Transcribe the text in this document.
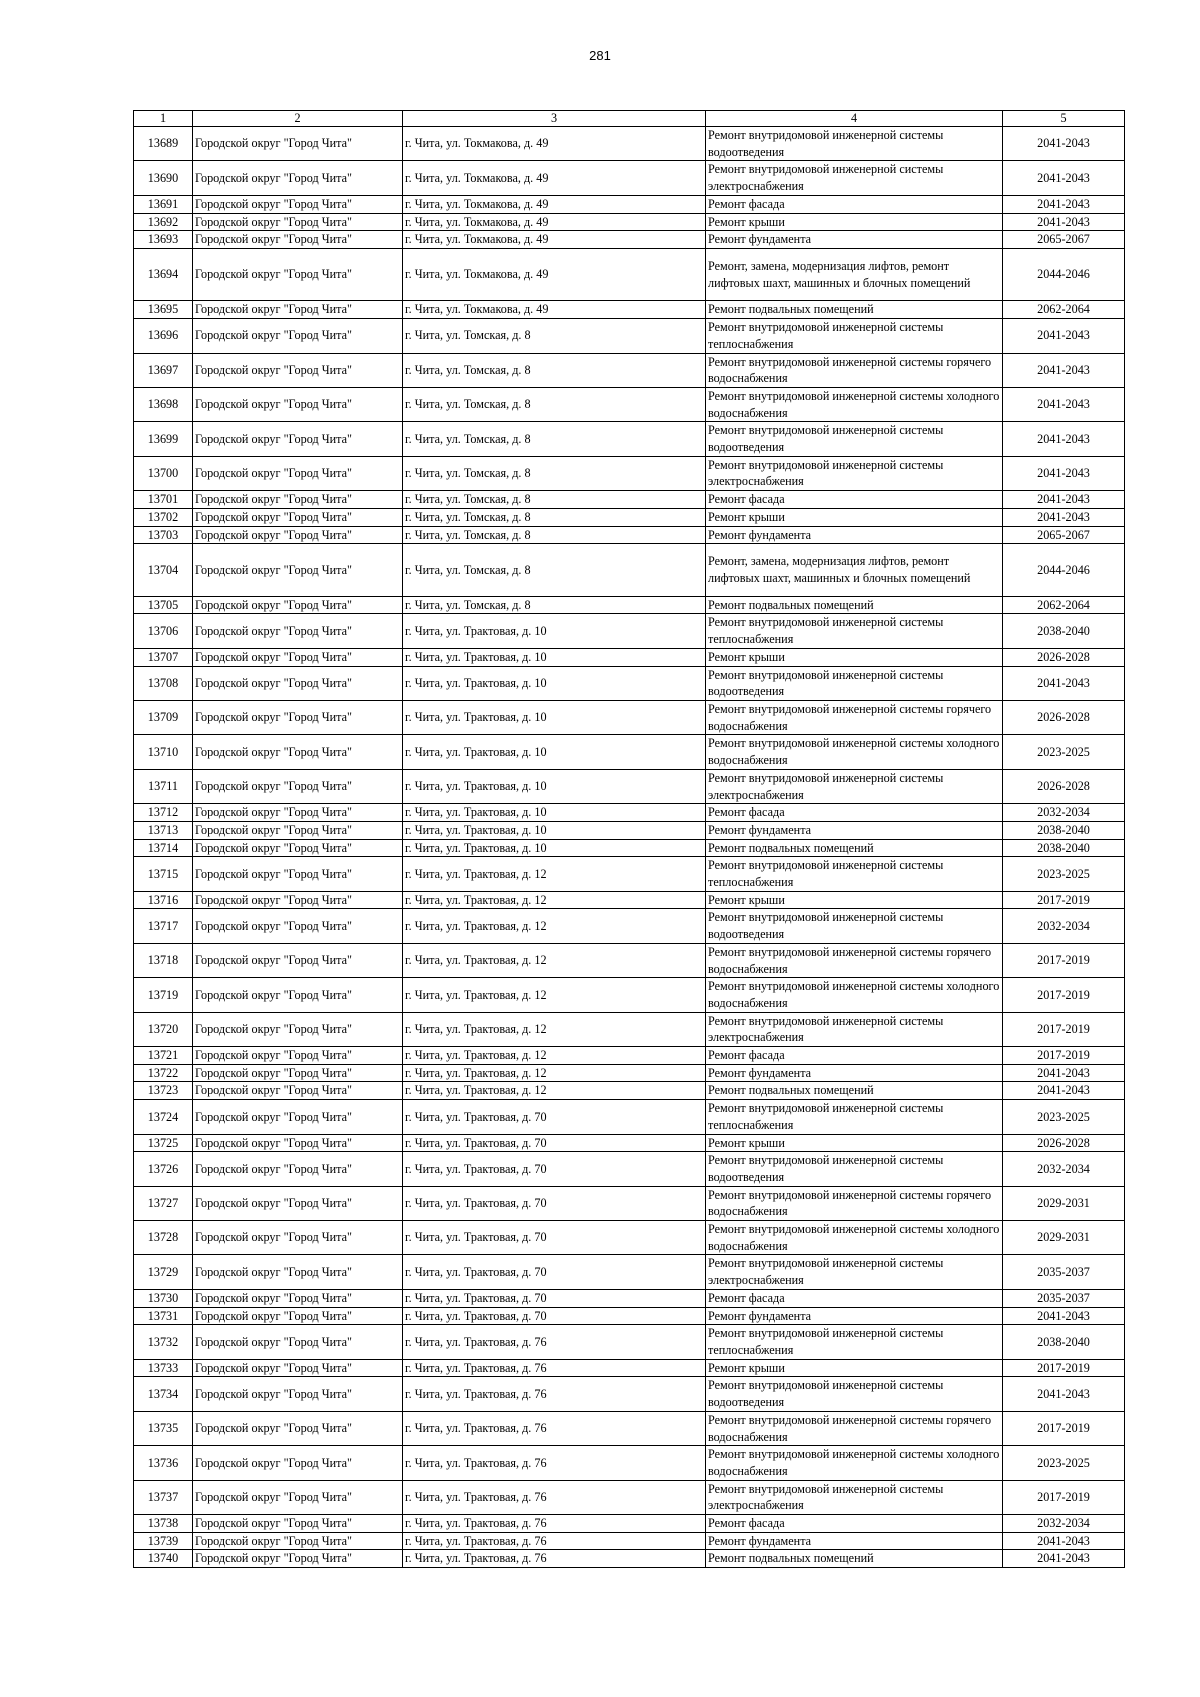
281
1	2	3	4	5
13689	Городской округ "Город Чита"	г. Чита, ул. Токмакова, д. 49	Ремонт внутридомовой инженерной системы водоотведения	2041-2043
13690	Городской округ "Город Чита"	г. Чита, ул. Токмакова, д. 49	Ремонт внутридомовой инженерной системы электроснабжения	2041-2043
13691	Городской округ "Город Чита"	г. Чита, ул. Токмакова, д. 49	Ремонт фасада	2041-2043
13692	Городской округ "Город Чита"	г. Чита, ул. Токмакова, д. 49	Ремонт крыши	2041-2043
13693	Городской округ "Город Чита"	г. Чита, ул. Токмакова, д. 49	Ремонт фундамента	2065-2067
13694	Городской округ "Город Чита"	г. Чита, ул. Токмакова, д. 49	Ремонт, замена, модернизация лифтов, ремонт лифтовых шахт, машинных и блочных помещений	2044-2046
13695	Городской округ "Город Чита"	г. Чита, ул. Токмакова, д. 49	Ремонт подвальных помещений	2062-2064
13696	Городской округ "Город Чита"	г. Чита, ул. Томская, д. 8	Ремонт внутридомовой инженерной системы теплоснабжения	2041-2043
13697	Городской округ "Город Чита"	г. Чита, ул. Томская, д. 8	Ремонт внутридомовой инженерной системы горячего водоснабжения	2041-2043
13698	Городской округ "Город Чита"	г. Чита, ул. Томская, д. 8	Ремонт внутридомовой инженерной системы холодного водоснабжения	2041-2043
13699	Городской округ "Город Чита"	г. Чита, ул. Томская, д. 8	Ремонт внутридомовой инженерной системы водоотведения	2041-2043
13700	Городской округ "Город Чита"	г. Чита, ул. Томская, д. 8	Ремонт внутридомовой инженерной системы электроснабжения	2041-2043
13701	Городской округ "Город Чита"	г. Чита, ул. Томская, д. 8	Ремонт фасада	2041-2043
13702	Городской округ "Город Чита"	г. Чита, ул. Томская, д. 8	Ремонт крыши	2041-2043
13703	Городской округ "Город Чита"	г. Чита, ул. Томская, д. 8	Ремонт фундамента	2065-2067
13704	Городской округ "Город Чита"	г. Чита, ул. Томская, д. 8	Ремонт, замена, модернизация лифтов, ремонт лифтовых шахт, машинных и блочных помещений	2044-2046
13705	Городской округ "Город Чита"	г. Чита, ул. Томская, д. 8	Ремонт подвальных помещений	2062-2064
13706	Городской округ "Город Чита"	г. Чита, ул. Трактовая, д. 10	Ремонт внутридомовой инженерной системы теплоснабжения	2038-2040
13707	Городской округ "Город Чита"	г. Чита, ул. Трактовая, д. 10	Ремонт крыши	2026-2028
13708	Городской округ "Город Чита"	г. Чита, ул. Трактовая, д. 10	Ремонт внутридомовой инженерной системы водоотведения	2041-2043
13709	Городской округ "Город Чита"	г. Чита, ул. Трактовая, д. 10	Ремонт внутридомовой инженерной системы горячего водоснабжения	2026-2028
13710	Городской округ "Город Чита"	г. Чита, ул. Трактовая, д. 10	Ремонт внутридомовой инженерной системы холодного водоснабжения	2023-2025
13711	Городской округ "Город Чита"	г. Чита, ул. Трактовая, д. 10	Ремонт внутридомовой инженерной системы электроснабжения	2026-2028
13712	Городской округ "Город Чита"	г. Чита, ул. Трактовая, д. 10	Ремонт фасада	2032-2034
13713	Городской округ "Город Чита"	г. Чита, ул. Трактовая, д. 10	Ремонт фундамента	2038-2040
13714	Городской округ "Город Чита"	г. Чита, ул. Трактовая, д. 10	Ремонт подвальных помещений	2038-2040
13715	Городской округ "Город Чита"	г. Чита, ул. Трактовая, д. 12	Ремонт внутридомовой инженерной системы теплоснабжения	2023-2025
13716	Городской округ "Город Чита"	г. Чита, ул. Трактовая, д. 12	Ремонт крыши	2017-2019
13717	Городской округ "Город Чита"	г. Чита, ул. Трактовая, д. 12	Ремонт внутридомовой инженерной системы водоотведения	2032-2034
13718	Городской округ "Город Чита"	г. Чита, ул. Трактовая, д. 12	Ремонт внутридомовой инженерной системы горячего водоснабжения	2017-2019
13719	Городской округ "Город Чита"	г. Чита, ул. Трактовая, д. 12	Ремонт внутридомовой инженерной системы холодного водоснабжения	2017-2019
13720	Городской округ "Город Чита"	г. Чита, ул. Трактовая, д. 12	Ремонт внутридомовой инженерной системы электроснабжения	2017-2019
13721	Городской округ "Город Чита"	г. Чита, ул. Трактовая, д. 12	Ремонт фасада	2017-2019
13722	Городской округ "Город Чита"	г. Чита, ул. Трактовая, д. 12	Ремонт фундамента	2041-2043
13723	Городской округ "Город Чита"	г. Чита, ул. Трактовая, д. 12	Ремонт подвальных помещений	2041-2043
13724	Городской округ "Город Чита"	г. Чита, ул. Трактовая, д. 70	Ремонт внутридомовой инженерной системы теплоснабжения	2023-2025
13725	Городской округ "Город Чита"	г. Чита, ул. Трактовая, д. 70	Ремонт крыши	2026-2028
13726	Городской округ "Город Чита"	г. Чита, ул. Трактовая, д. 70	Ремонт внутридомовой инженерной системы водоотведения	2032-2034
13727	Городской округ "Город Чита"	г. Чита, ул. Трактовая, д. 70	Ремонт внутридомовой инженерной системы горячего водоснабжения	2029-2031
13728	Городской округ "Город Чита"	г. Чита, ул. Трактовая, д. 70	Ремонт внутридомовой инженерной системы холодного водоснабжения	2029-2031
13729	Городской округ "Город Чита"	г. Чита, ул. Трактовая, д. 70	Ремонт внутридомовой инженерной системы электроснабжения	2035-2037
13730	Городской округ "Город Чита"	г. Чита, ул. Трактовая, д. 70	Ремонт фасада	2035-2037
13731	Городской округ "Город Чита"	г. Чита, ул. Трактовая, д. 70	Ремонт фундамента	2041-2043
13732	Городской округ "Город Чита"	г. Чита, ул. Трактовая, д. 76	Ремонт внутридомовой инженерной системы теплоснабжения	2038-2040
13733	Городской округ "Город Чита"	г. Чита, ул. Трактовая, д. 76	Ремонт крыши	2017-2019
13734	Городской округ "Город Чита"	г. Чита, ул. Трактовая, д. 76	Ремонт внутридомовой инженерной системы водоотведения	2041-2043
13735	Городской округ "Город Чита"	г. Чита, ул. Трактовая, д. 76	Ремонт внутридомовой инженерной системы горячего водоснабжения	2017-2019
13736	Городской округ "Город Чита"	г. Чита, ул. Трактовая, д. 76	Ремонт внутридомовой инженерной системы холодного водоснабжения	2023-2025
13737	Городской округ "Город Чита"	г. Чита, ул. Трактовая, д. 76	Ремонт внутридомовой инженерной системы электроснабжения	2017-2019
13738	Городской округ "Город Чита"	г. Чита, ул. Трактовая, д. 76	Ремонт фасада	2032-2034
13739	Городской округ "Город Чита"	г. Чита, ул. Трактовая, д. 76	Ремонт фундамента	2041-2043
13740	Городской округ "Город Чита"	г. Чита, ул. Трактовая, д. 76	Ремонт подвальных помещений	2041-2043
